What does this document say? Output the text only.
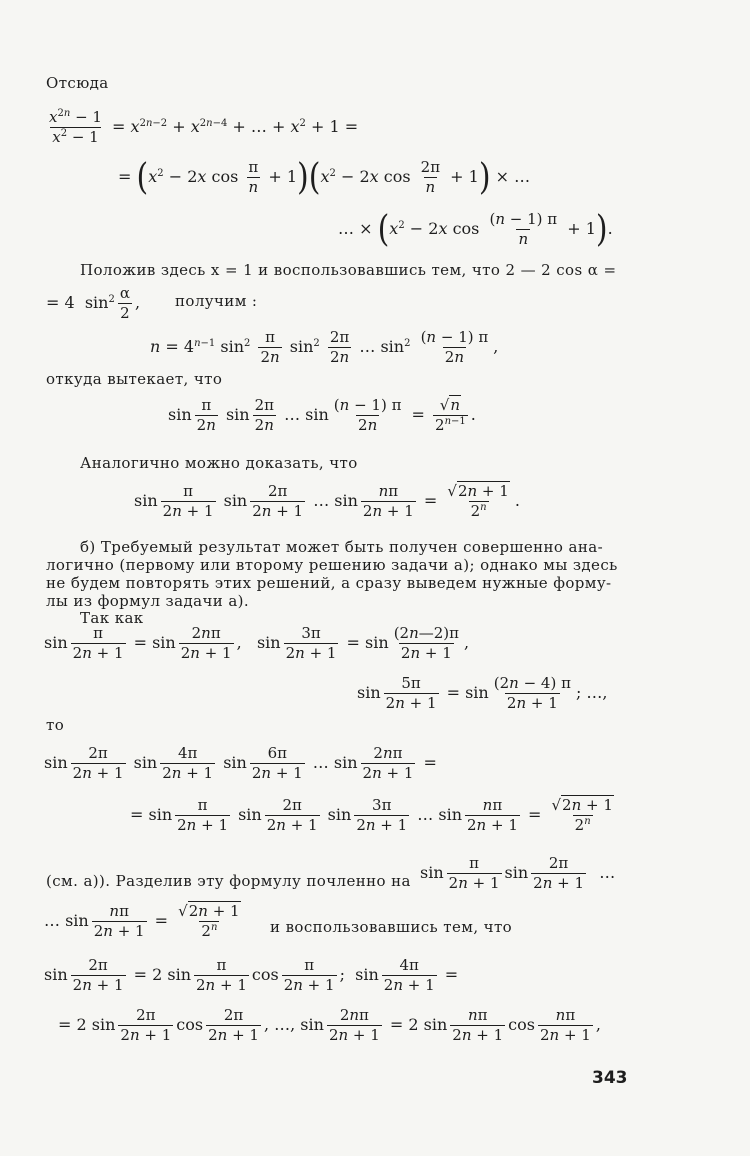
Отсюда
$\frac{x^{2n} - 1}{x^2 - 1} = x^{2n-2} + x^{2n-4}$ + … + $x^2 + 1$ =
= ($x^2 - 2x$ $\cos \frac{\pi}{n} + 1)(x^2 - 2x$ $\cos \frac{2\pi}{n} + 1$) × …
… × ($x^2 - 2x$ $\cos \frac{(n - 1) \pi}{n} + 1$).
Положив здесь x = 1 и воспользовавшись тем, что 2 — 2 cos α =
= 4  $\sin^2 \frac{\alpha}{2}$ , получим :
$n = 4^{n-1}$ $\sin^2 \frac{\pi}{2n} \sin^2 \frac{2\pi}{2n}$ … $\sin^2 \frac{(n - 1) \pi}{2n}$ ,
откуда вытекает, что
$\sin \frac{\pi}{2n}$ $\sin \frac{2\pi}{2n}$ … $\sin \frac{(n - 1) \pi}{2n} = \frac{√n}{2^{n-1}}$ .
Аналогично можно доказать, что
$\sin \frac{\pi}{2n + 1}$ $\sin \frac{2\pi}{2n + 1}$ … $\sin \frac{n\pi}{2n + 1} = \frac{√2n + 1}{2^n}$ .
б) Требуемый результат может быть получен совершенно ана-
логично (первому или второму решению задачи а); однако мы здесь
не будем повторять этих решений, а сразу выведем нужные форму-
лы из формул задачи а).
Так как
$\sin \frac{\pi}{2n + 1} = \sin \frac{2n\pi}{2n + 1}$ ,   $\sin \frac{3\pi}{2n + 1} = \sin \frac{(2n—2)\pi}{2n + 1}$ ,
$\sin \frac{5\pi}{2n + 1} = \sin \frac{(2n - 4) \pi}{2n + 1}$ ; …,
то
$\sin \frac{2\pi}{2n + 1}$ $\sin \frac{4\pi}{2n + 1}$ $\sin \frac{6\pi}{2n + 1}$ … $\sin \frac{2n\pi}{2n + 1}$ =
= $\sin \frac{\pi}{2n + 1}$ $\sin \frac{2\pi}{2n + 1}$ $\sin \frac{3\pi}{2n + 1}$ … $\sin \frac{n\pi}{2n + 1} = \frac{√2n + 1}{2^n}$
(см. а)). Разделив эту формулу почленно на $\sin \frac{\pi}{2n + 1}$ $\sin \frac{2\pi}{2n + 1}$ …
… $\sin \frac{n\pi}{2n + 1} = \frac{√2n + 1}{2^n}$ и воспользовавшись тем, что
$\sin \frac{2\pi}{2n + 1} = 2$ $\sin \frac{\pi}{2n + 1}$ $\cos \frac{\pi}{2n + 1}$ ;  $\sin \frac{4\pi}{2n + 1}$ =
= 2 $\sin \frac{2\pi}{2n + 1}$ $\cos \frac{2\pi}{2n + 1}$ , …, $\sin \frac{2n\pi}{2n + 1} = 2$ $\sin \frac{n\pi}{2n + 1}$ $\cos \frac{n\pi}{2n + 1}$ ,
343
